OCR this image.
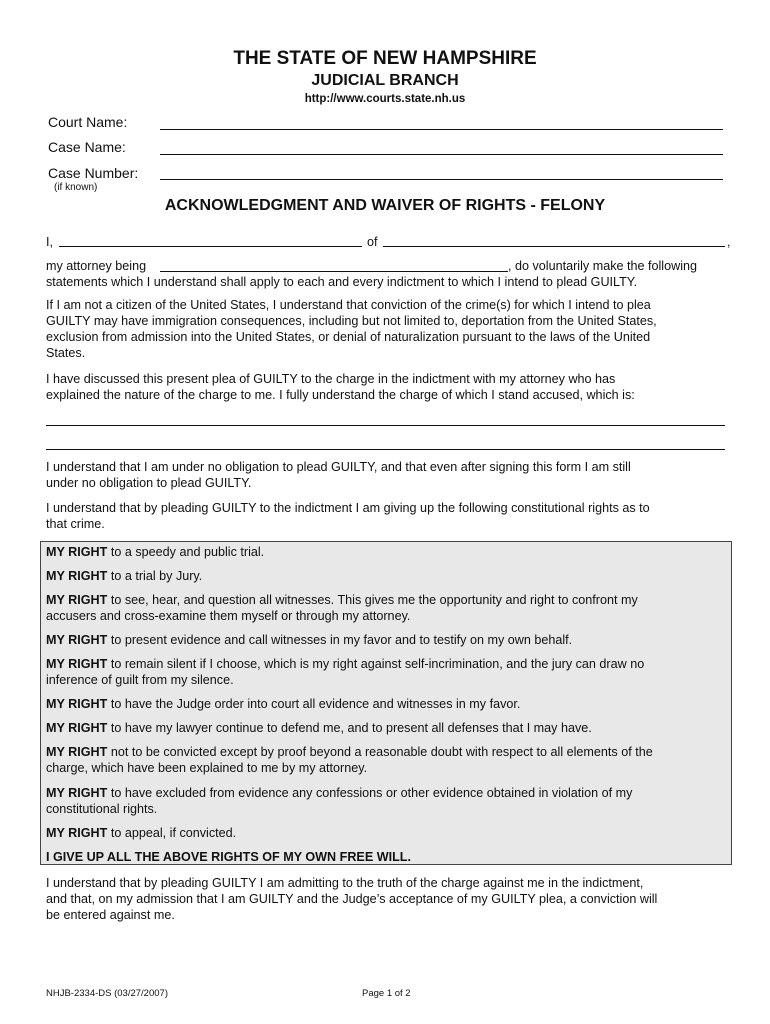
THE STATE OF NEW HAMPSHIRE
JUDICIAL BRANCH
http://www.courts.state.nh.us
Court Name:
Case Name:
Case Number:
(if known)
ACKNOWLEDGMENT AND WAIVER OF RIGHTS - FELONY
I,	of	,
my attorney being	, do voluntarily make the following
statements which I understand shall apply to each and every indictment to which I intend to plead GUILTY.
If I am not a citizen of the United States, I understand that conviction of the crime(s) for which I intend to plea
GUILTY may have immigration consequences, including but not limited to, deportation from the United States,
exclusion from admission into the United States, or denial of naturalization pursuant to the laws of the United
States.
I have discussed this present plea of GUILTY to the charge in the indictment with my attorney who has
explained the nature of the charge to me. I fully understand the charge of which I stand accused, which is:
I understand that I am under no obligation to plead GUILTY, and that even after signing this form I am still
under no obligation to plead GUILTY.
I understand that by pleading GUILTY to the indictment I am giving up the following constitutional rights as to
that crime.
MY RIGHT to a speedy and public trial.
MY RIGHT to a trial by Jury.
MY RIGHT to see, hear, and question all witnesses. This gives me the opportunity and right to confront my
accusers and cross-examine them myself or through my attorney.
MY RIGHT to present evidence and call witnesses in my favor and to testify on my own behalf.
MY RIGHT to remain silent if I choose, which is my right against self-incrimination, and the jury can draw no
inference of guilt from my silence.
MY RIGHT to have the Judge order into court all evidence and witnesses in my favor.
MY RIGHT to have my lawyer continue to defend me, and to present all defenses that I may have.
MY RIGHT not to be convicted except by proof beyond a reasonable doubt with respect to all elements of the
charge, which have been explained to me by my attorney.
MY RIGHT to have excluded from evidence any confessions or other evidence obtained in violation of my
constitutional rights.
MY RIGHT to appeal, if convicted.
I GIVE UP ALL THE ABOVE RIGHTS OF MY OWN FREE WILL.
I understand that by pleading GUILTY I am admitting to the truth of the charge against me in the indictment,
and that, on my admission that I am GUILTY and the Judge’s acceptance of my GUILTY plea, a conviction will
be entered against me.
NHJB-2334-DS (03/27/2007)	Page 1 of 2
